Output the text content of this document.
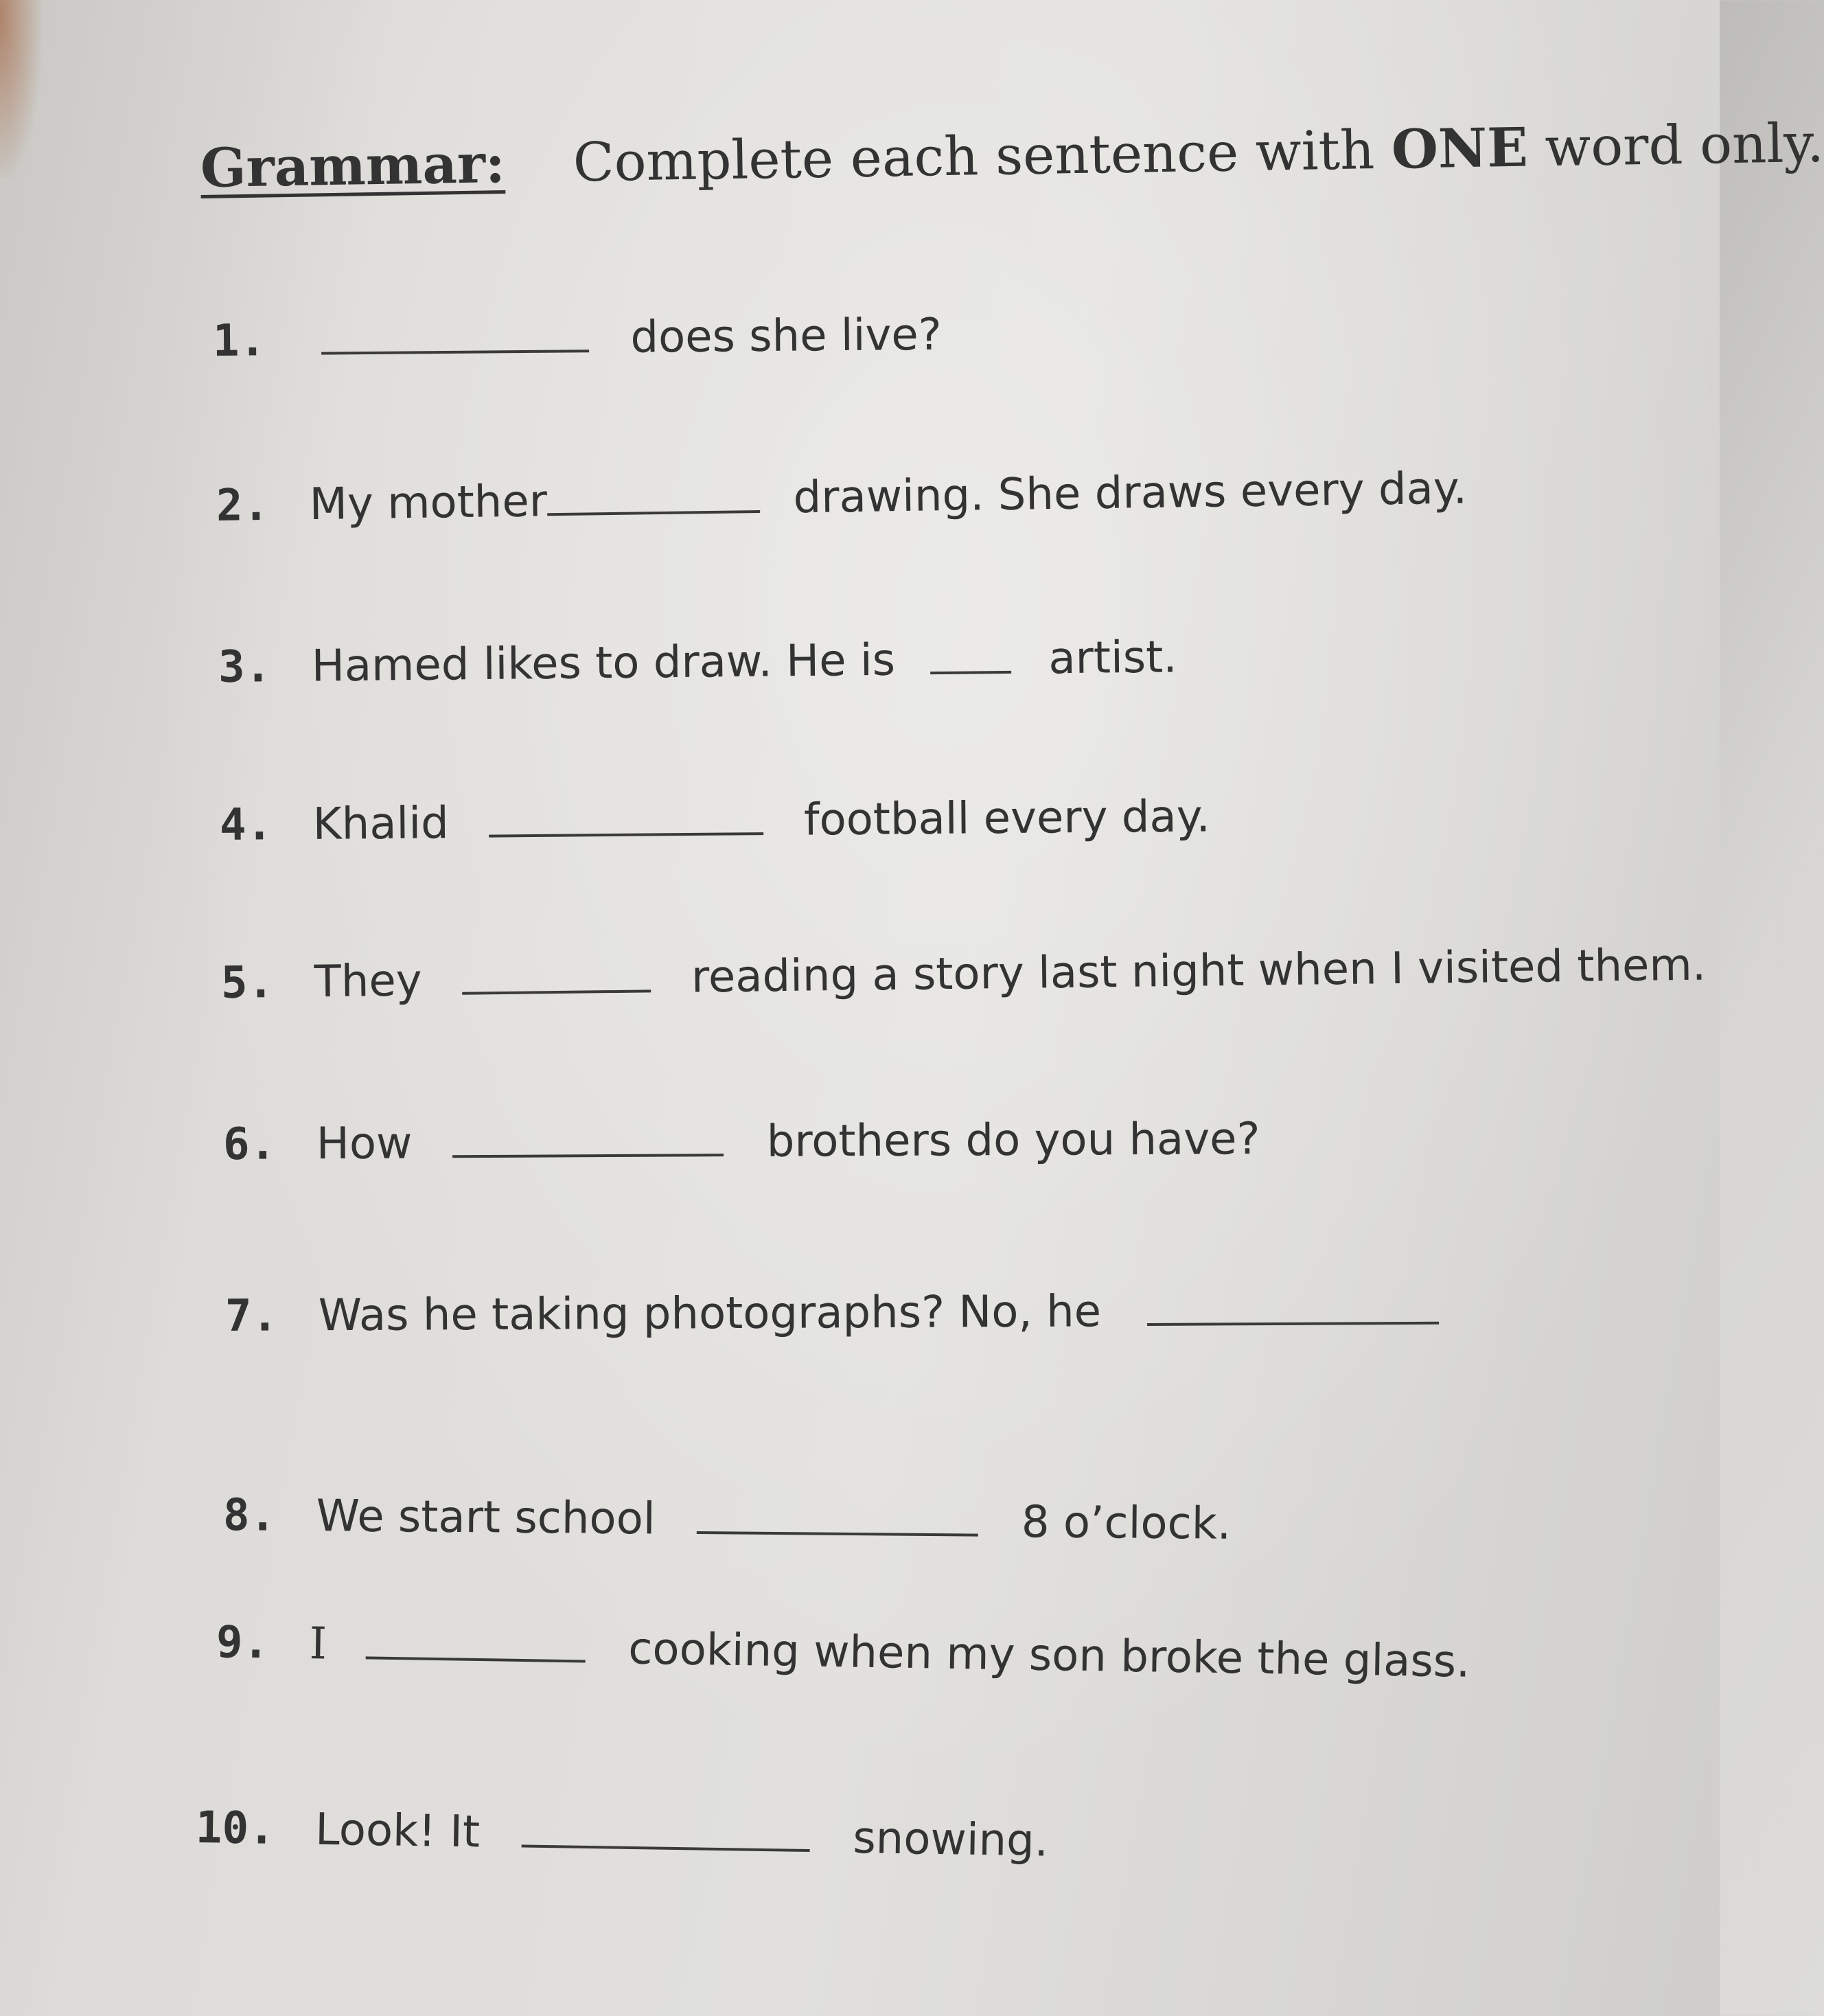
Grammar: Complete each sentence with ONE word only.
1.	does she live?
2. My mother	drawing. She draws every day.
3. Hamed likes to draw. He is	artist.
4. Khalid	football every day.
5. They	reading a story last night when I visited them.
6. How	brothers do you have?
7. Was he taking photographs? No, he
8. We start school	8 o’clock.
9. I	cooking when my son broke the glass.
10. Look! It	snowing.
